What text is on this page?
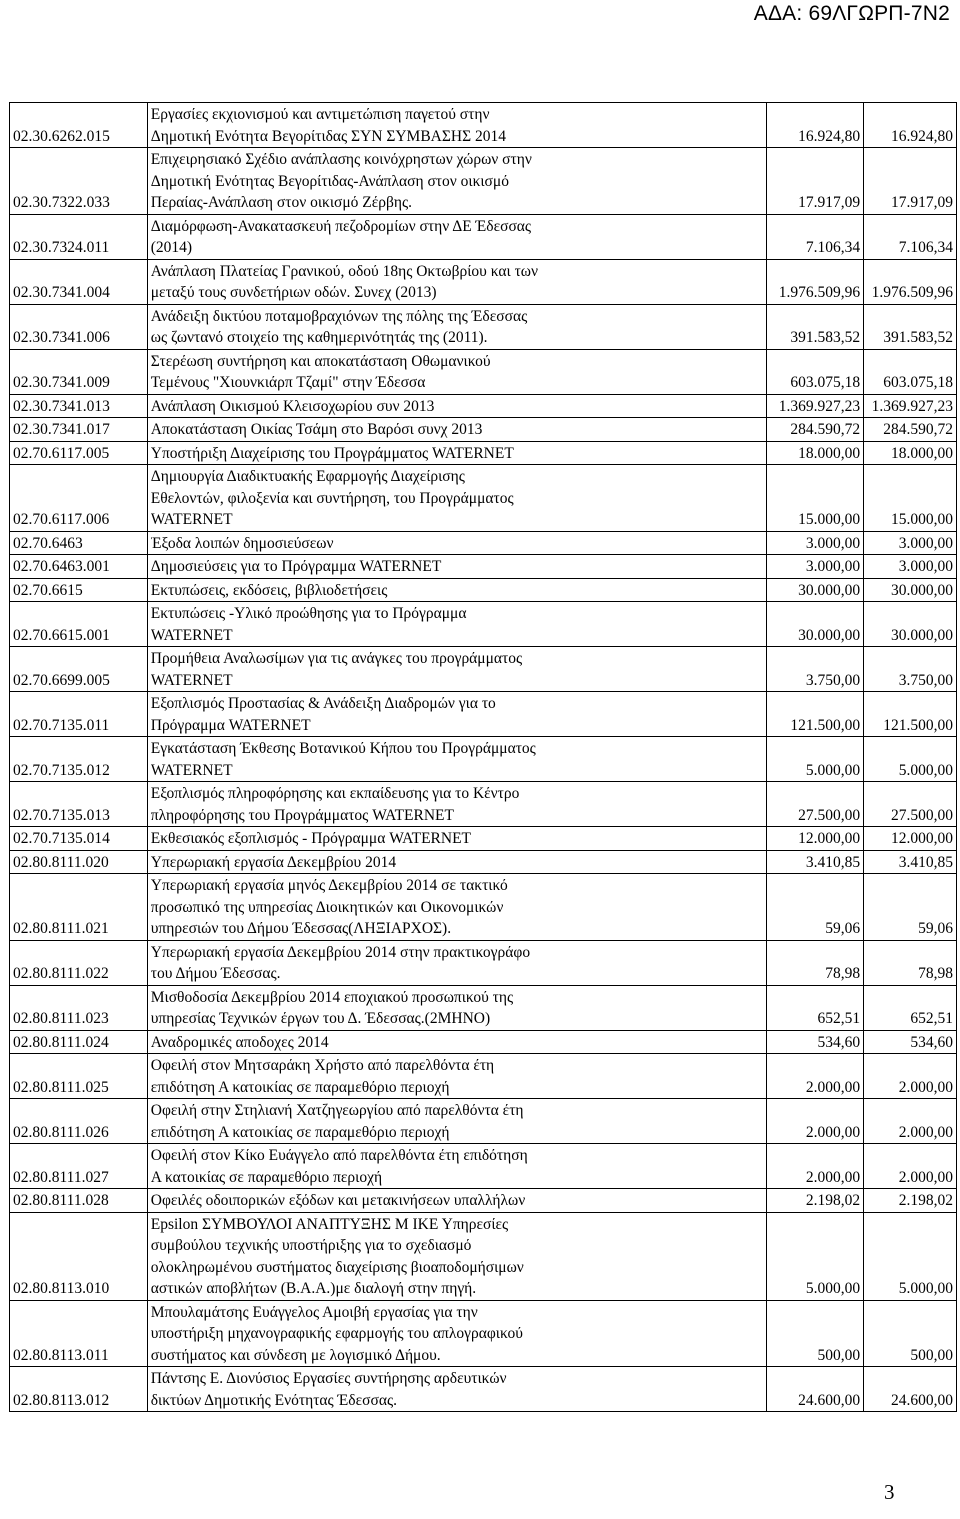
ΑΔΑ: 69ΛΓΩΡΠ-7Ν2
02.30.6262.015	Εργασίες εκχιονισμού και αντιμετώπιση παγετού στην
Δημοτική Ενότητα Βεγορίτιδας ΣΥΝ ΣΥΜΒΑΣΗΣ 2014	16.924,80	16.924,80
02.30.7322.033	Επιχειρησιακό Σχέδιο ανάπλασης κοινόχρηστων χώρων στην
Δημοτική Ενότητας Βεγορίτιδας-Ανάπλαση στον οικισμό
Περαίας-Ανάπλαση στον οικισμό Ζέρβης.	17.917,09	17.917,09
02.30.7324.011	Διαμόρφωση-Ανακατασκευή πεζοδρομίων στην ΔΕ Έδεσσας
(2014)	7.106,34	7.106,34
02.30.7341.004	Ανάπλαση Πλατείας Γρανικού, οδού 18ης Οκτωβρίου και των
μεταξύ τους συνδετήριων οδών. Συνεχ (2013)	1.976.509,96	1.976.509,96
02.30.7341.006	Ανάδειξη δικτύου ποταμοβραχιόνων της πόλης της Έδεσσας
ως ζωντανό στοιχείο της καθημερινότητάς της (2011).	391.583,52	391.583,52
02.30.7341.009	Στερέωση συντήρηση και αποκατάσταση Οθωμανικού
Τεμένους "Χιουνκιάρπ Τζαμί" στην Έδεσσα	603.075,18	603.075,18
02.30.7341.013	Ανάπλαση Οικισμού Κλεισοχωρίου συν 2013	1.369.927,23	1.369.927,23
02.30.7341.017	Αποκατάσταση Οικίας Τσάμη στο Βαρόσι συνχ 2013	284.590,72	284.590,72
02.70.6117.005	Υποστήριξη Διαχείρισης του Προγράμματος WATERNET	18.000,00	18.000,00
02.70.6117.006	Δημιουργία Διαδικτυακής Εφαρμογής Διαχείρισης
Εθελοντών, φιλοξενία και συντήρηση, του Προγράμματος
WATERNET	15.000,00	15.000,00
02.70.6463	Έξοδα λοιπών δημοσιεύσεων	3.000,00	3.000,00
02.70.6463.001	Δημοσιεύσεις για το Πρόγραμμα WATERNET	3.000,00	3.000,00
02.70.6615	Εκτυπώσεις, εκδόσεις, βιβλιοδετήσεις	30.000,00	30.000,00
02.70.6615.001	Εκτυπώσεις -Υλικό προώθησης για το Πρόγραμμα
WATERNET	30.000,00	30.000,00
02.70.6699.005	Προμήθεια Αναλωσίμων για τις ανάγκες του προγράμματος
WATERNET	3.750,00	3.750,00
02.70.7135.011	Εξοπλισμός Προστασίας & Ανάδειξη Διαδρομών για το
Πρόγραμμα WATERNET	121.500,00	121.500,00
02.70.7135.012	Εγκατάσταση Έκθεσης Βοτανικού Κήπου του Προγράμματος
WATERNET	5.000,00	5.000,00
02.70.7135.013	Εξοπλισμός πληροφόρησης και εκπαίδευσης για το Κέντρο
πληροφόρησης του Προγράμματος WATERNET	27.500,00	27.500,00
02.70.7135.014	Εκθεσιακός εξοπλισμός - Πρόγραμμα WATERNET	12.000,00	12.000,00
02.80.8111.020	Υπερωριακή εργασία Δεκεμβρίου 2014	3.410,85	3.410,85
02.80.8111.021	Υπερωριακή εργασία μηνός Δεκεμβρίου 2014 σε τακτικό
προσωπικό της υπηρεσίας Διοικητικών και Οικονομικών
υπηρεσιών του Δήμου Έδεσσας(ΛΗΞΙΑΡΧΟΣ).	59,06	59,06
02.80.8111.022	Υπερωριακή εργασία Δεκεμβρίου 2014 στην πρακτικογράφο
του Δήμου Έδεσσας.	78,98	78,98
02.80.8111.023	Μισθοδοσία Δεκεμβρίου 2014 εποχιακού προσωπικού της
υπηρεσίας Τεχνικών έργων του Δ. Έδεσσας.(2ΜΗΝΟ)	652,51	652,51
02.80.8111.024	Αναδρομικές αποδοχες 2014	534,60	534,60
02.80.8111.025	Οφειλή στον Μητσαράκη Χρήστο από παρελθόντα έτη
επιδότηση Α κατοικίας σε παραμεθόριο περιοχή	2.000,00	2.000,00
02.80.8111.026	Οφειλή στην Στηλιανή Χατζηγεωργίου από παρελθόντα έτη
επιδότηση Α κατοικίας σε παραμεθόριο περιοχή	2.000,00	2.000,00
02.80.8111.027	Οφειλή στον Κίκο Ευάγγελο από παρελθόντα έτη επιδότηση
Α κατοικίας σε παραμεθόριο περιοχή	2.000,00	2.000,00
02.80.8111.028	Οφειλές οδοιπορικών εξόδων και μετακινήσεων υπαλλήλων	2.198,02	2.198,02
02.80.8113.010	Epsilon ΣΥΜΒΟΥΛΟΙ ΑΝΑΠΤΥΞΗΣ Μ ΙΚΕ Υπηρεσίες
συμβούλου τεχνικής υποστήριξης για το σχεδιασμό
ολοκληρωμένου συστήματος διαχείρισης βιοαποδομήσιμων
αστικών αποβλήτων (Β.Α.Α.)με διαλογή στην πηγή.	5.000,00	5.000,00
02.80.8113.011	Μπουλαμάτσης Ευάγγελος Αμοιβή εργασίας για την
υποστήριξη μηχανογραφικής εφαρμογής του απλογραφικού
συστήματος και σύνδεση με λογισμικό Δήμου.	500,00	500,00
02.80.8113.012	Πάντσης Ε. Διονύσιος Εργασίες συντήρησης αρδευτικών
δικτύων Δημοτικής Ενότητας Έδεσσας.	24.600,00	24.600,00
3
